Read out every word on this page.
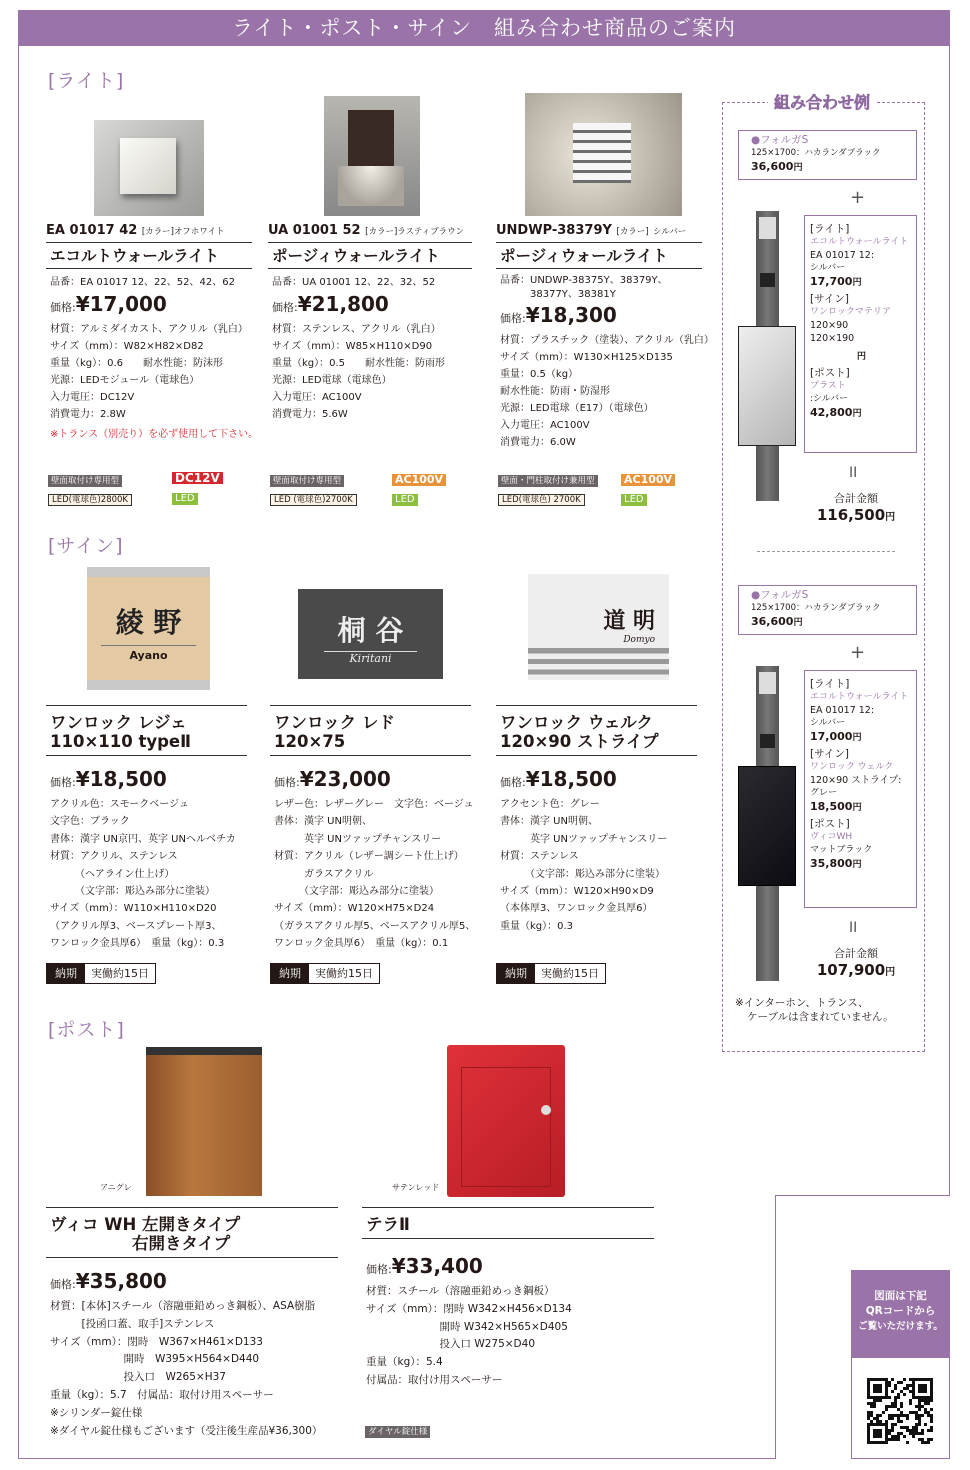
ライト・ポスト・サイン　組み合わせ商品のご案内
[ライト]
EA 01017 42 [カラー]オフホワイト
エコルトウォールライト
品番：EA 01017 12、22、52、42、62
価格:¥17,000
材質：アルミダイカスト、アクリル（乳白）
サイズ（mm）：W82×H82×D82
重量（kg）：0.6　　耐水性能：防沫形
光源：LEDモジュール（電球色）
入力電圧：DC12V
消費電力：2.8W
※トランス（別売り）を必ず使用して下さい。
UA 01001 52 [カラー]ラスティブラウン
ポージィウォールライト
品番：UA 01001 12、22、32、52
価格:¥21,800
材質：ステンレス、アクリル（乳白）
サイズ（mm）：W85×H110×D90
重量（kg）：0.5　　耐水性能：防雨形
光源：LED電球（電球色）
入力電圧：AC100V
消費電力：5.6W
UNDWP-38379Y [カラー] シルバー
ポージィウォールライト
品番：UNDWP-38375Y、38379Y、
38377Y、38381Y
価格:¥18,300
材質：プラスチック（塗装）、アクリル（乳白）
サイズ（mm）：W130×H125×D135
重量：0.5（kg）
耐水性能：防雨・防湿形
光源：LED電球（E17）（電球色）
入力電圧：AC100V
消費電力：6.0W
壁面取付け専用型
LED(電球色)2800K
DC12V
LED
壁面取付け専用型
LED (電球色)2700K
AC100V
LED
壁面・門柱取付け兼用型
LED(電球色) 2700K
AC100V
LED
[サイン]
綾 野
Ayano
桐 谷
Kiritani
道 明
Domyo
ワンロック レジェ
110×110 typeⅡ
価格:¥18,500
アクリル色：スモークベージュ
文字色：ブラック
書体：漢字 UN京円、英字 UNヘルベチカ
材質：アクリル、ステンレス
　　　（ヘアライン仕上げ）
　　　（文字部：彫込み部分に塗装）
サイズ（mm）：W110×H110×D20
（アクリル厚3、ベースプレート厚3、
ワンロック金具厚6）　重量（kg）：0.3
ワンロック レド
120×75
価格:¥23,000
レザー色：レザーグレー　文字色：ベージュ
書体：漢字 UN明朝、
　　　英字 UNツァップチャンスリー
材質：アクリル（レザー調シート仕上げ）
　　　ガラスアクリル
　　　（文字部：彫込み部分に塗装）
サイズ（mm）：W120×H75×D24
（ガラスアクリル厚5、ベースアクリル厚5、
ワンロック金具厚6）　重量（kg）：0.1
ワンロック ウェルク
120×90 ストライプ
価格:¥18,500
アクセント色：グレー
書体：漢字 UN明朝、
　　　英字 UNツァップチャンスリー
材質：ステンレス
　　　（文字部：彫込み部分に塗装）
サイズ（mm）：W120×H90×D9
（本体厚3、ワンロック金具厚6）
重量（kg）：0.3
納期	実働約15日	納期	実働約15日	納期	実働約15日
[ポスト]
アニグレ	サテンレッド
ヴィコ WH 左開きタイプ
右開きタイプ
価格:¥35,800
材質：[本体]スチール（溶融亜鉛めっき鋼板）、ASA樹脂
　　　[投函口蓋、取手]ステンレス
サイズ（mm）：閉時　W367×H461×D133
　　　　　　　開時　W395×H564×D440
　　　　　　　投入口　W265×H37
重量（kg）：5.7　付属品：取付け用スペーサー
※シリンダー錠仕様
※ダイヤル錠仕様もございます（受注後生産品¥36,300）
テラⅡ
価格:¥33,400
材質：スチール（溶融亜鉛めっき鋼板）
サイズ（mm）：閉時 W342×H456×D134
　　　　　　　開時 W342×H565×D405
　　　　　　　投入口 W275×D40
重量（kg）：5.4
付属品：取付け用スペーサー
ダイヤル錠仕様
組み合わせ例
●フォルガS
125×1700：ハカランダブラック
36,600円
+
[ライト]
エコルトウォールライト
EA 01017 12:
シルバー
17,700円
[サイン]
ワンロックマテリア
120×90
120×190
円
[ポスト]
プラスト
:シルバー
42,800円
II
合計金額
116,500円
●フォルガS
125×1700：ハカランダブラック
36,600円
+
[ライト]
エコルトウォールライト
EA 01017 12:
シルバー
17,000円
[サイン]
ワンロック ウェルク
120×90 ストライプ:
グレー
18,500円
[ポスト]
ヴィコWH
マットブラック
35,800円
II
合計金額
107,900円
※インターホン、トランス、
ケーブルは含まれていません。
図面は下記
QRコードから
ご覧いただけます。
